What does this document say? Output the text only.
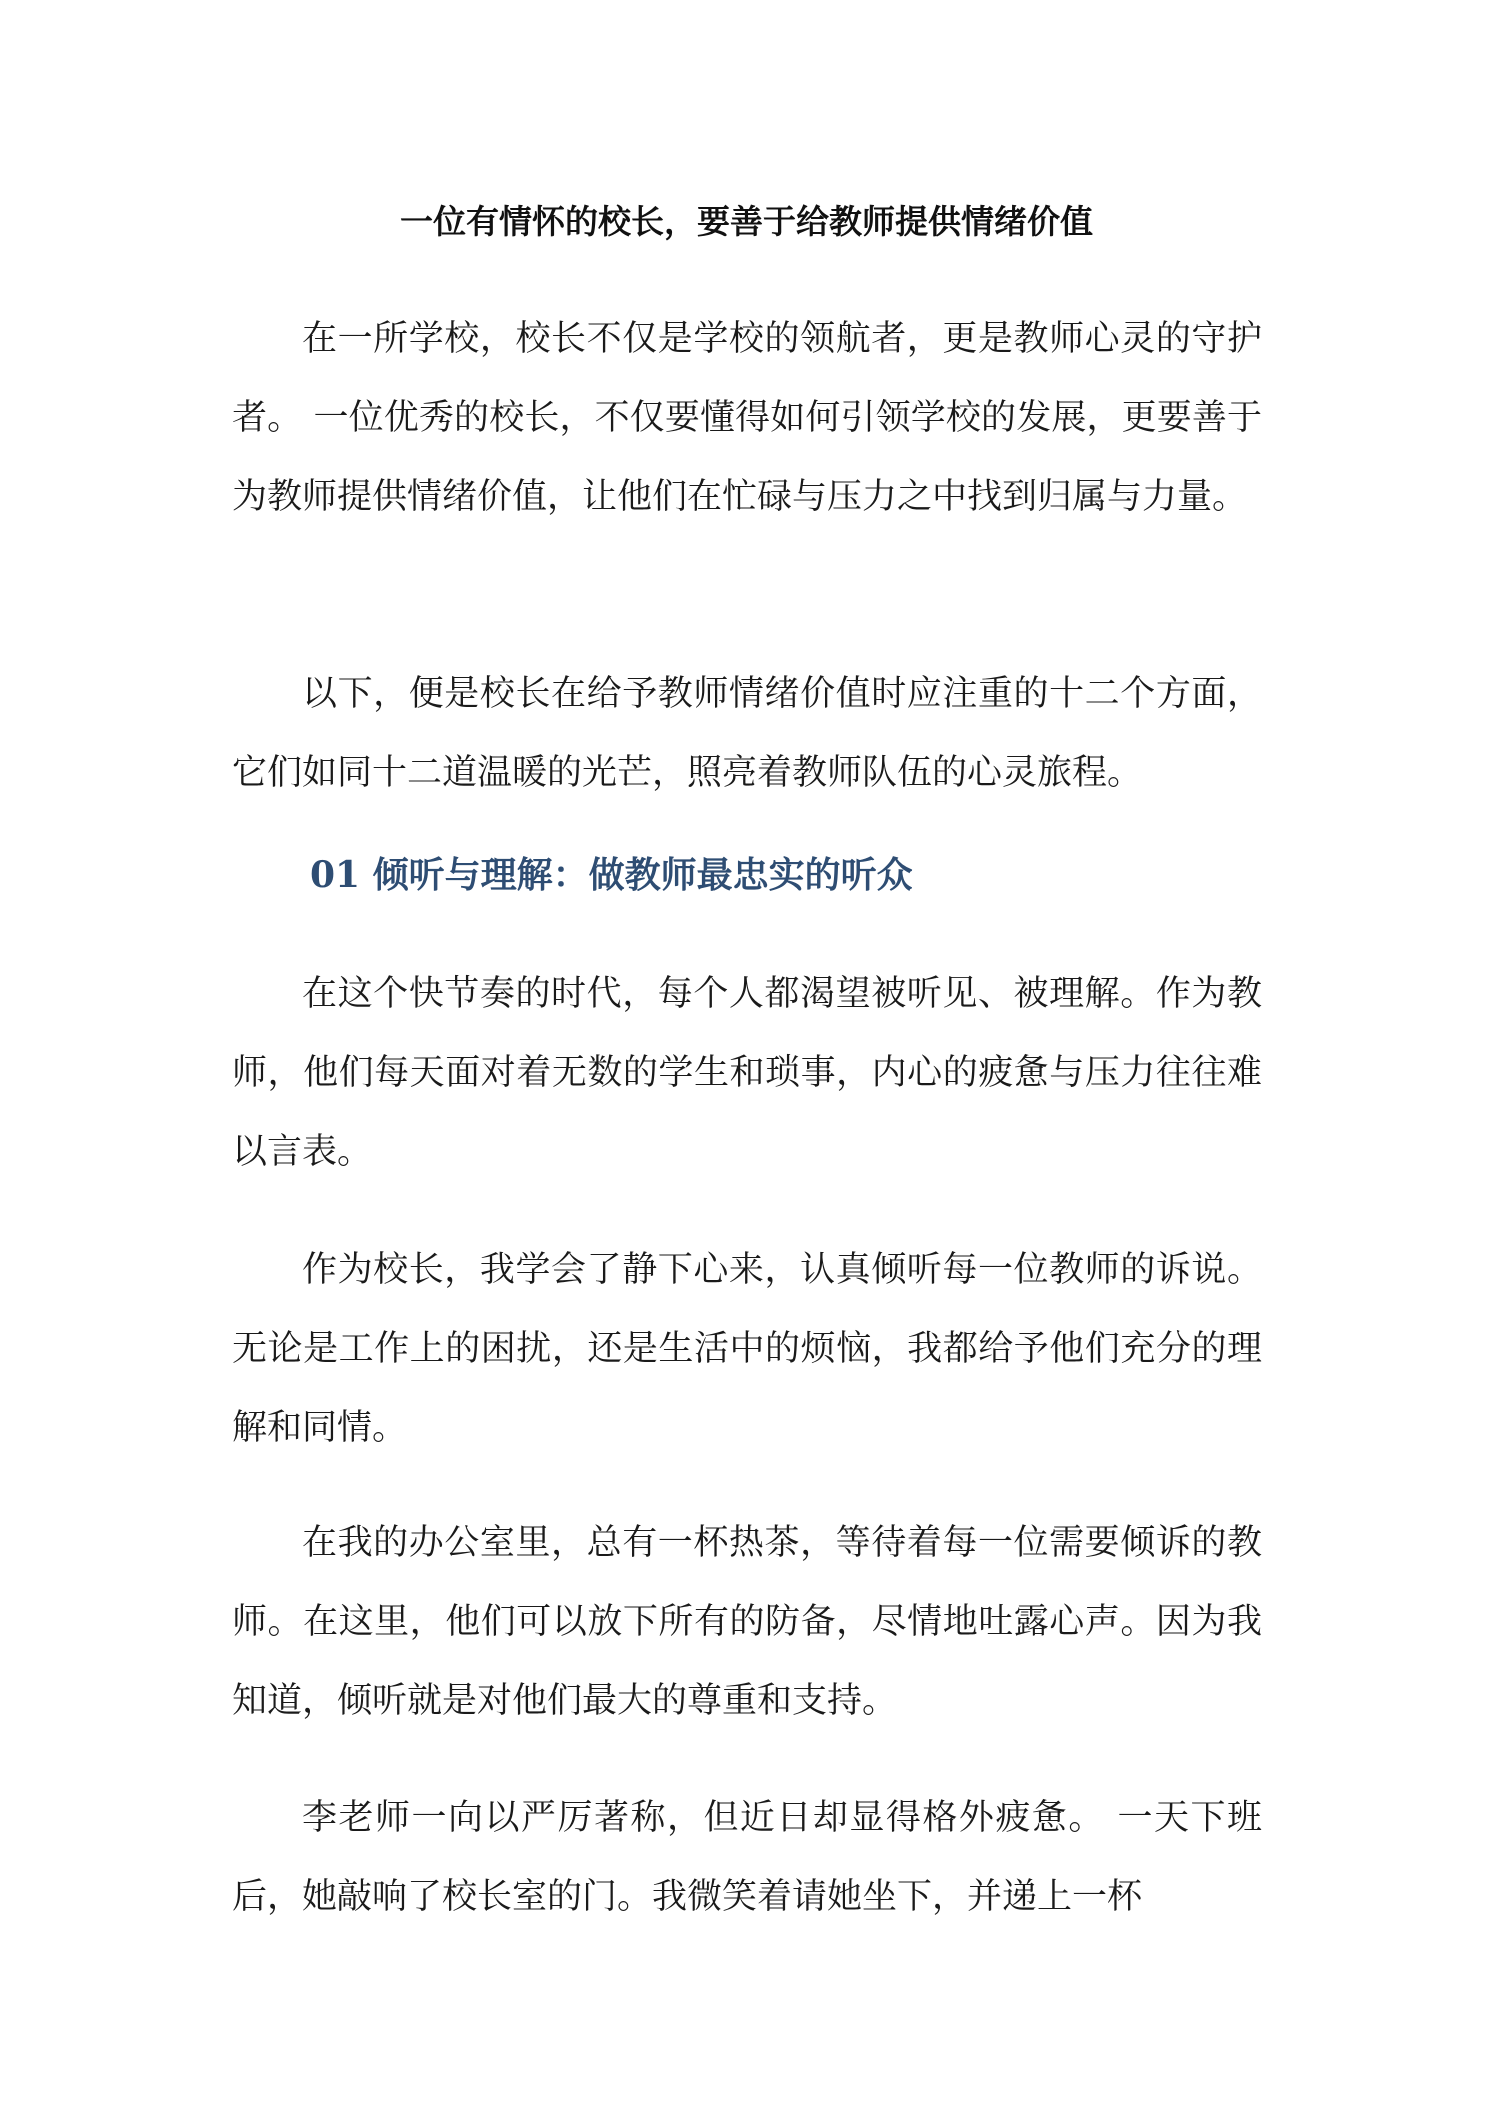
一位有情怀的校长，要善于给教师提供情绪价值

在一所学校，校长不仅是学校的领航者，更是教师心灵的守护者。 一位优秀的校长，不仅要懂得如何引领学校的发展，更要善于为教师提供情绪价值，让他们在忙碌与压力之中找到归属与力量。

以下，便是校长在给予教师情绪价值时应注重的十二个方面，它们如同十二道温暖的光芒，照亮着教师队伍的心灵旅程。

01 倾听与理解：做教师最忠实的听众

在这个快节奏的时代，每个人都渴望被听见、被理解。作为教师，他们每天面对着无数的学生和琐事，内心的疲惫与压力往往难以言表。

作为校长，我学会了静下心来，认真倾听每一位教师的诉说。无论是工作上的困扰，还是生活中的烦恼，我都给予他们充分的理解和同情。

在我的办公室里，总有一杯热茶，等待着每一位需要倾诉的教师。在这里，他们可以放下所有的防备，尽情地吐露心声。因为我知道，倾听就是对他们最大的尊重和支持。

李老师一向以严厉著称，但近日却显得格外疲惫。 一天下班后，她敲响了校长室的门。我微笑着请她坐下，并递上一杯
